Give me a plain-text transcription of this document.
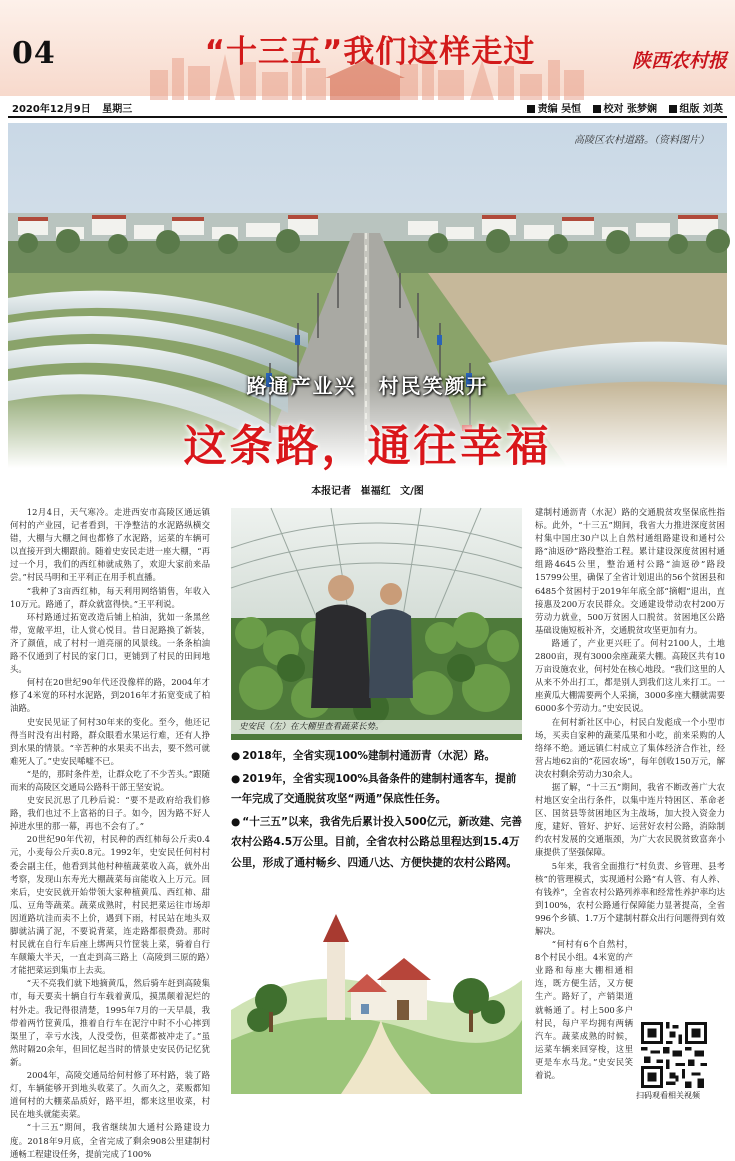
04	“十三五”我们这样走过	陕西农村报
2020年12月9日 星期三	责编 吴恒 校对 张梦娴 组版 刘英
高陵区农村道路。（资料图片）
路通产业兴　村民笑颜开
这条路，通往幸福
本报记者 崔福红 文/图

12月4日，天气寒冷。走进西安市高陵区通远镇何村的产业园，记者看到，干净整洁的水泥路纵横交错，大棚与大棚之间也都修了水泥路，运菜的车辆可以直接开到大棚跟前。随着史安民走进一座大棚，“再过一个月，我们的西红柿就成熟了，欢迎大家前来品尝。”村民马明和王平利正在用手机直播。

“我种了3亩西红柿，每天利用网络销售，年收入10万元。路通了，群众就富得快。”王平利说。

环村路通过拓宽改造后铺上柏油，犹如一条黑丝带，宽敞平坦，让人赏心悦目。昔日泥路换了新装，齐了颜值，成了村村一道亮丽的风景线。一条条柏油路不仅通到了村民的家门口，更铺到了村民的田间地头。

何村在20世纪90年代还没像样的路，2004年才修了4米宽的环村水泥路，到2016年才拓宽变成了柏油路。

史安民见证了何村30年来的变化。至今，他还记得当时没有出村路，群众眼看水果运行难，还有人挣到水果的情景。“辛苦种的水果卖不出去，要不然可就难死人了。”史安民唏嘘不已。

“是的，那时条件差，让群众吃了不少苦头。”跟随而来的高陵区交通局公路科干部王坚安说。

史安民沉思了几秒后说：“要不是政府给我们修路，我们也过不上富裕的日子。如今，因为路不好人掉进水里的那一幕，再也不会有了。”

20世纪90年代初，村民种的西红柿每公斤卖0.4元，小麦每公斤卖0.8元。1992年，史安民任何村村委会副主任，他看到其他村种植蔬菜收入高，就外出考察，发现山东寿光大棚蔬菜每亩能收入上万元。回来后，史安民就开始带领大家种植黄瓜、西红柿、甜瓜、豆角等蔬菜。蔬菜成熟时，村民把菜运往市场却因道路坑洼而卖不上价，遇到下雨，村民站在地头双脚就沾满了泥，不要说背菜，连走路都很费劲。那时村民就在自行车后座上绑两只竹筐装上菜，骑着自行车颠簸大半天，一直走到高三路上（高陵到三原的路）才能把菜运到集市上去卖。

“天不亮我们就下地摘黄瓜，然后骑车赶到高陵集市，每天要卖十辆自行车载着黄瓜，摸黑颠着泥烂的村外走。我记得很清楚，1995年7月的一天早晨，我带着两竹筐黄瓜，推着自行车在泥泞中时不小心摔到渠里了，幸亏水浅，人没受伤，但菜都被冲走了。”虽然时隔20余年，但回忆起当时的情景史安民仍记忆犹新。

2004年，高陵交通局给何村修了环村路，装了路灯，车辆能够开到地头收菜了。久而久之，菜贩都知道何村的大棚菜品质好，路平坦，都来这里收菜，村民在地头就能卖菜。

“十三五”期间，我省继续加大通村公路建设力度。2018年9月底，全省完成了剩余908公里建制村通畅工程建设任务，提前完成了100%

史安民（左）在大棚里查看蔬菜长势。

● 2018年，全省实现100%建制村通沥青（水泥）路。

● 2019年，全省实现100%具备条件的建制村通客车，提前一年完成了交通脱贫攻坚“两通”保底性任务。

● “十三五”以来，我省先后累计投入500亿元，新改建、完善农村公路4.5万公里。目前，全省农村公路总里程达到15.4万公里，形成了通村畅乡、四通八达、方便快捷的农村公路网。

建制村通沥青（水泥）路的交通脱贫攻坚保底性指标。此外，“十三五”期间，我省大力推进深度贫困村集中国庄30户以上自然村通组路建设和通村公路“油返砂”路段整治工程。累计建设深度贫困村通组路4645公里，整治通村公路“油返砂”路段15799公里，确保了全省计划退出的56个贫困县和6485个贫困村于2019年年底全部“摘帽”退出，直接惠及200万农民群众。交通建设带动农村200万劳动力就业，500万贫困人口脱贫。贫困地区公路基础设施短板补齐，交通脱贫攻坚更加有力。

路通了，产业更兴旺了。何村2100人，土地2800亩，现有3000余座蔬菜大棚。高陵区共有10万亩设施农业，何村处在核心地段。“我们这里的人从来不外出打工，都是别人到我们这儿来打工。一座黄瓜大棚需要两个人采摘，3000多座大棚就需要6000多个劳动力。”史安民说。

在何村新社区中心，村民白发彪成一个小型市场，买卖自家种的蔬菜瓜果和小吃，前来采购的人络绎不绝。通远镇仁村成立了集体经济合作社，经营占地62亩的“花园农场”，每年创收150万元，解决农村剩余劳动力30余人。

据了解，“十三五”期间，我省不断改善广大农村地区安全出行条件，以集中连片特困区、革命老区、国贫县等贫困地区为主战场，加大投入资金力度，建好、管好、护好、运营好农村公路，消除制约农村发展的交通瓶颈，为广大农民脱贫致富奔小康提供了坚强保障。

5年来，我省全面推行“村负责、乡管理、县考核”的管理模式，实现通村公路“有人管、有人养、有钱养”，全省农村公路列养率和经常性养护率均达到100%，农村公路通行保障能力显著提高，全省996个乡镇、1.7万个建制村群众出行问题得到有效解决。

“何村有6个自然村，8个村民小组。4米宽的产业路和每座大棚相通相连，既方便生活，又方便生产。路好了，产销渠道就畅通了。村上500多户村民，每户平均拥有两辆汽车。蔬菜成熟的时候，运菜车辆来回穿梭，这里更是车水马龙。”史安民笑着说。

扫码观看相关视频
